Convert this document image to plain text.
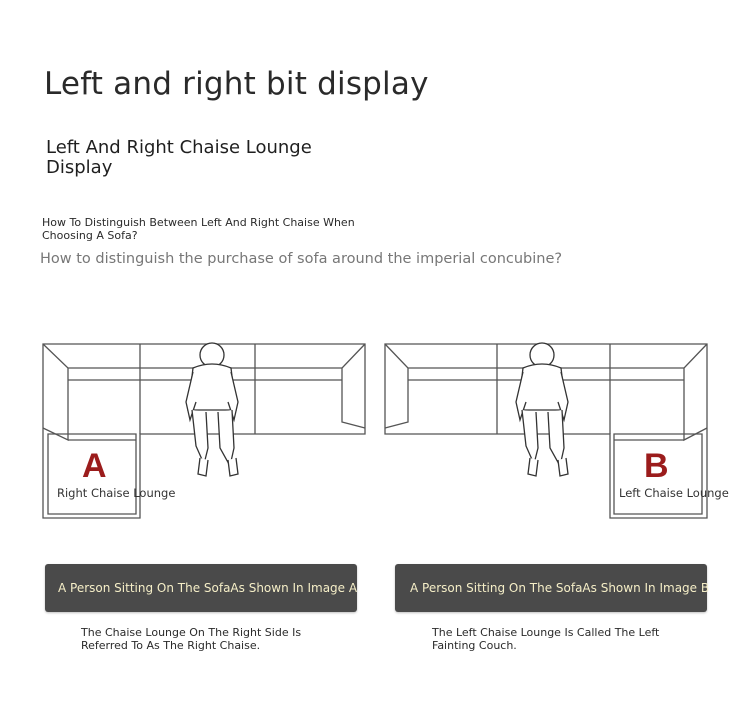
Left and right bit display
Left And Right Chaise Lounge Display
How To Distinguish Between Left And Right Chaise When Choosing A Sofa?
How to distinguish the purchase of sofa around the imperial concubine?
A
Right Chaise Lounge
B
Left Chaise Lounge
A Person Sitting On The SofaAs Shown In Image A	A Person Sitting On The SofaAs Shown In Image B
The Chaise Lounge On The Right Side Is Referred To As The Right Chaise.
The Left Chaise Lounge Is Called The Left Fainting Couch.
